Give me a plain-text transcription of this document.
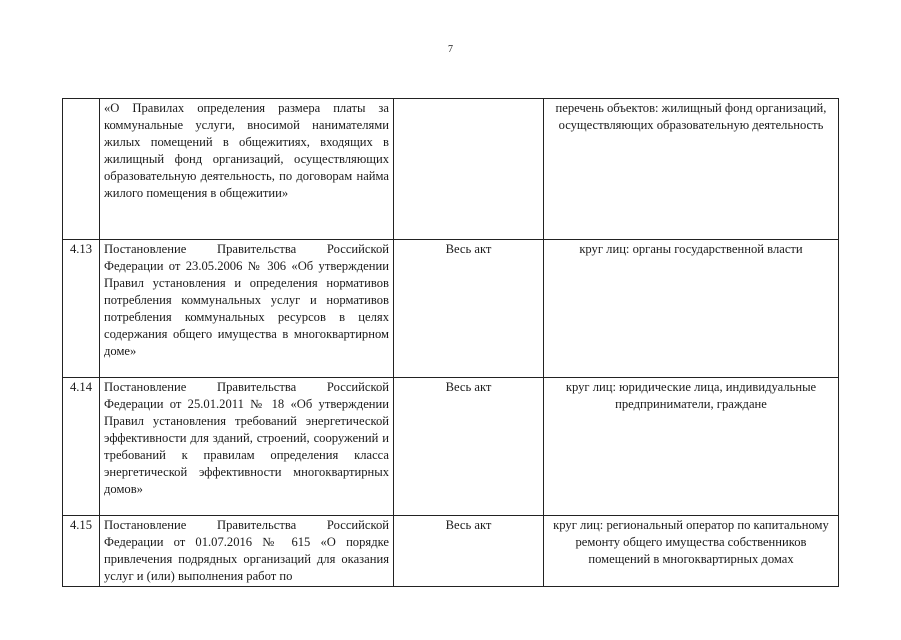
7
	«О Правилах определения размера платы за коммунальные услуги, вносимой нанимателями жилых помещений в общежитиях, входящих в жилищный фонд организаций, осуществляющих образовательную деятельность, по договорам найма жилого помещения в общежитии»		перечень объектов: жилищный фонд организаций, осуществляющих образовательную деятельность
4.13	Постановление Правительства Российской Федерации от 23.05.2006 № 306 «Об утверждении Правил установления и определения нормативов потребления коммунальных услуг и нормативов потребления коммунальных ресурсов в целях содержания общего имущества в многоквартирном доме»	Весь акт	круг лиц: органы государственной власти
4.14	Постановление Правительства Российской Федерации от 25.01.2011 № 18 «Об утверждении Правил установления требований энергетической эффективности для зданий, строений, сооружений и требований к правилам определения класса энергетической эффективности многоквартирных домов»	Весь акт	круг лиц: юридические лица, индивидуальные предприниматели, граждане
4.15	Постановление Правительства Российской Федерации от 01.07.2016 № 615 «О порядке привлечения подрядных организаций для оказания услуг и (или) выполнения работ по	Весь акт	круг лиц: региональный оператор по капитальному ремонту общего имущества собственников помещений в многоквартирных домах
